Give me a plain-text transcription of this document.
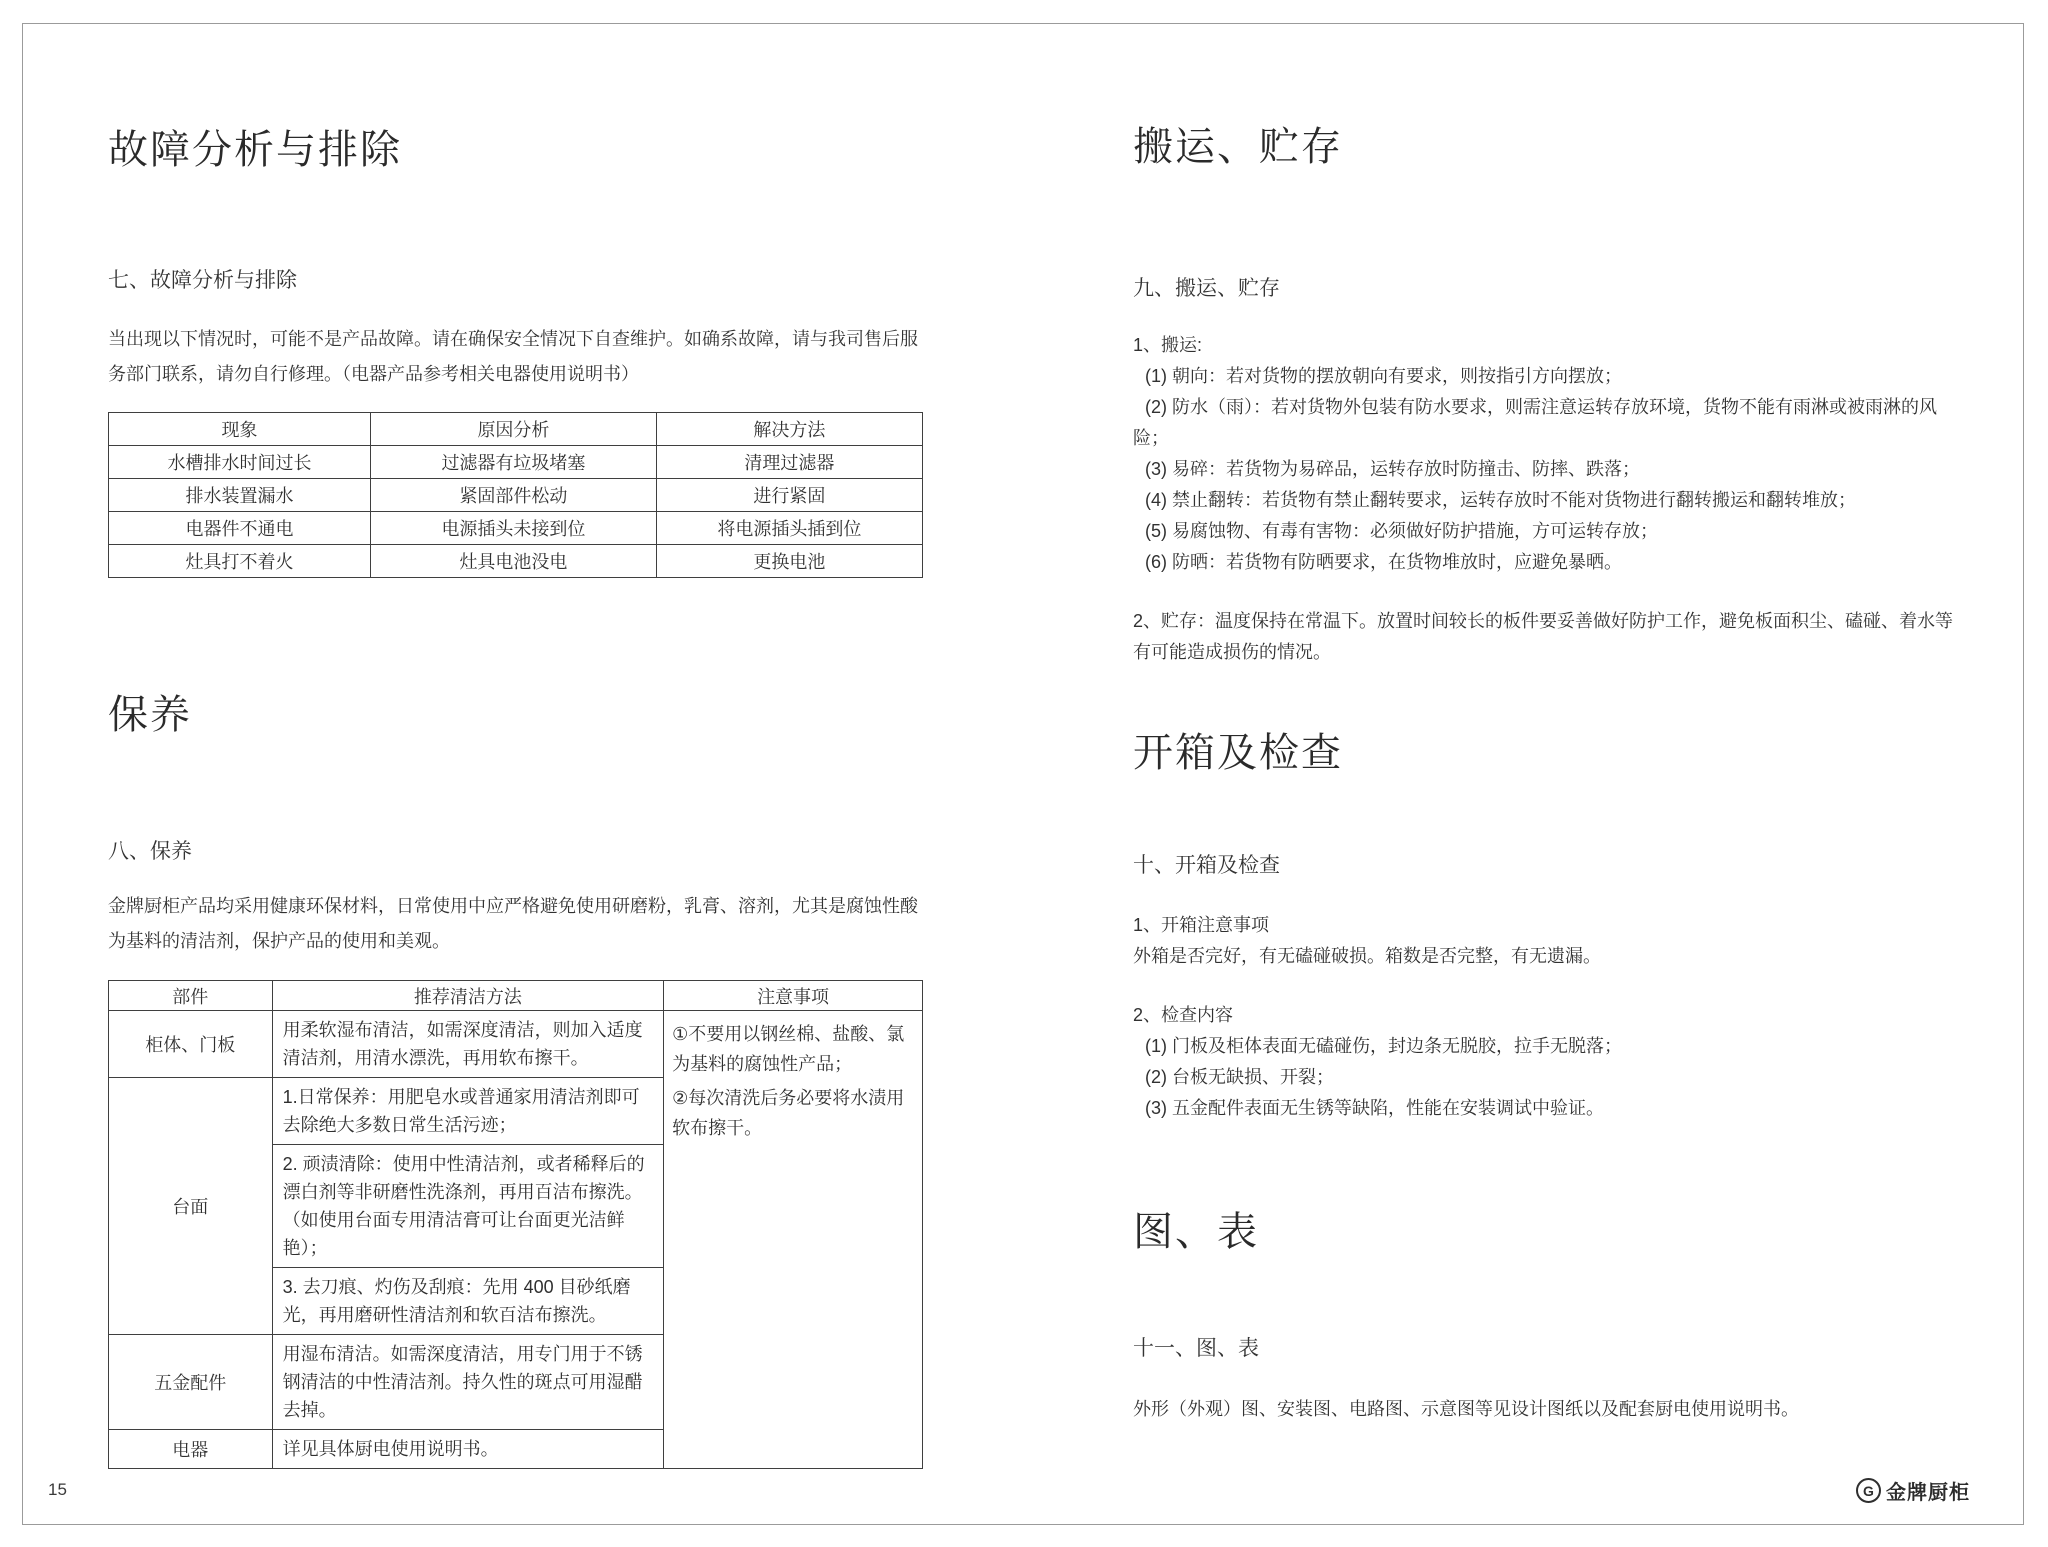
故障分析与排除
七、故障分析与排除

当出现以下情况时，可能不是产品故障。请在确保安全情况下自查维护。如确系故障，请与我司售后服务部门联系，请勿自行修理。（电器产品参考相关电器使用说明书）

现象	原因分析	解决方法
水槽排水时间过长	过滤器有垃圾堵塞	清理过滤器
排水装置漏水	紧固部件松动	进行紧固
电器件不通电	电源插头未接到位	将电源插头插到位
灶具打不着火	灶具电池没电	更换电池
保养
八、保养

金牌厨柜产品均采用健康环保材料，日常使用中应严格避免使用研磨粉，乳膏、溶剂，尤其是腐蚀性酸为基料的清洁剂，保护产品的使用和美观。

部件	推荐清洁方法	注意事项
柜体、门板	用柔软湿布清洁，如需深度清洁，则加入适度清洁剂，用清水漂洗，再用软布擦干。	①不要用以钢丝棉、盐酸、氯为基料的腐蚀性产品；
②每次清洗后务必要将水渍用软布擦干。

台面	1.日常保养：用肥皂水或普通家用清洁剂即可去除绝大多数日常生活污迹；	
	2. 顽渍清除：使用中性清洁剂，或者稀释后的漂白剂等非研磨性洗涤剂，再用百洁布擦洗。（如使用台面专用清洁膏可让台面更光洁鲜艳）；	
	3. 去刀痕、灼伤及刮痕：先用 400 目砂纸磨光，再用磨研性清洁剂和软百洁布擦洗。	
五金配件	用湿布清洁。如需深度清洁，用专门用于不锈钢清洁的中性清洁剂。持久性的斑点可用湿醋去掉。	
电器	详见具体厨电使用说明书。	
搬运、贮存
九、搬运、贮存
1、搬运:
(1) 朝向：若对货物的摆放朝向有要求，则按指引方向摆放；
(2) 防水（雨）：若对货物外包装有防水要求，则需注意运转存放环境，货物不能有雨淋或被雨淋的风险；
(3) 易碎：若货物为易碎品，运转存放时防撞击、防摔、跌落；
(4) 禁止翻转：若货物有禁止翻转要求，运转存放时不能对货物进行翻转搬运和翻转堆放；
(5) 易腐蚀物、有毒有害物：必须做好防护措施，方可运转存放；
(6) 防晒：若货物有防晒要求，在货物堆放时，应避免暴晒。

2、贮存：温度保持在常温下。放置时间较长的板件要妥善做好防护工作，避免板面积尘、磕碰、着水等有可能造成损伤的情况。

开箱及检查
十、开箱及检查
1、开箱注意事项
外箱是否完好，有无磕碰破损。箱数是否完整，有无遗漏。
2、检查内容
(1) 门板及柜体表面无磕碰伤，封边条无脱胶，拉手无脱落；
(2) 台板无缺损、开裂；
(3) 五金配件表面无生锈等缺陷，性能在安装调试中验证。
图、表
十一、图、表

外形（外观）图、安装图、电路图、示意图等见设计图纸以及配套厨电使用说明书。

15	G 金牌厨柜
